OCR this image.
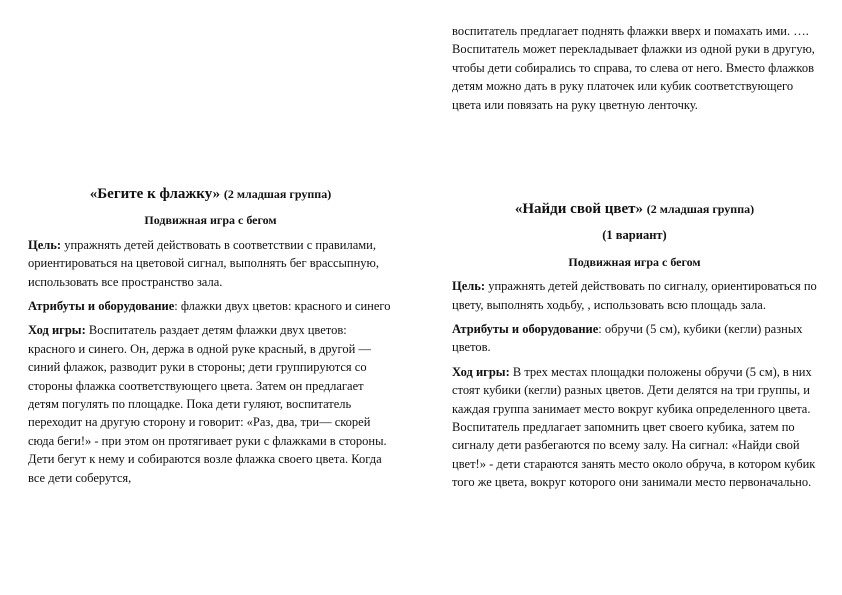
воспитатель предлагает поднять флажки вверх и помахать ими. …. Воспитатель может перекладывает флажки из одной руки в другую, чтобы дети собирались то справа, то слева от него. Вместо флажков детям можно дать в руку платочек или кубик соответствующего цвета или повязать на руку цветную ленточку.

«Бегите к флажку» (2 младшая группа)

Подвижная игра с бегом

Цель: упражнять детей действовать в соответствии с правилами, ориентироваться на цветовой сигнал, выполнять бег врассыпную, использовать все пространство зала.

Атрибуты и оборудование: флажки двух цветов: красного и синего

Ход игры: Воспитатель раздает детям флажки двух цветов: красного и синего. Он, держа в одной руке красный, в другой — синий флажок, разводит руки в стороны; дети группируются со стороны флажка соответствующего цвета. Затем он предлагает детям погулять по площадке. Пока дети гуляют, воспитатель переходит на другую сторону и говорит: «Раз, два, три— скорей сюда беги!» - при этом он протягивает руки с флажками в стороны. Дети бегут к нему и собираются возле флажка своего цвета. Когда все дети соберутся,

«Найди свой цвет» (2 младшая группа)

(1 вариант)

Подвижная игра с бегом

Цель: упражнять детей действовать по сигналу, ориентироваться по цвету, выполнять ходьбу, , использовать всю площадь зала.

Атрибуты и оборудование: обручи (5 см), кубики (кегли) разных цветов.

Ход игры: В трех местах площадки положены обручи (5 см), в них стоят кубики (кегли) разных цветов. Дети делятся на три группы, и каждая группа занимает место вокруг кубика определенного цвета. Воспитатель предлагает запомнить цвет своего кубика, затем по сигналу дети разбегаются по всему залу. На сигнал: «Найди свой цвет!» - дети стараются занять место около обруча, в котором кубик того же цвета, вокруг которого они занимали место первоначально.
